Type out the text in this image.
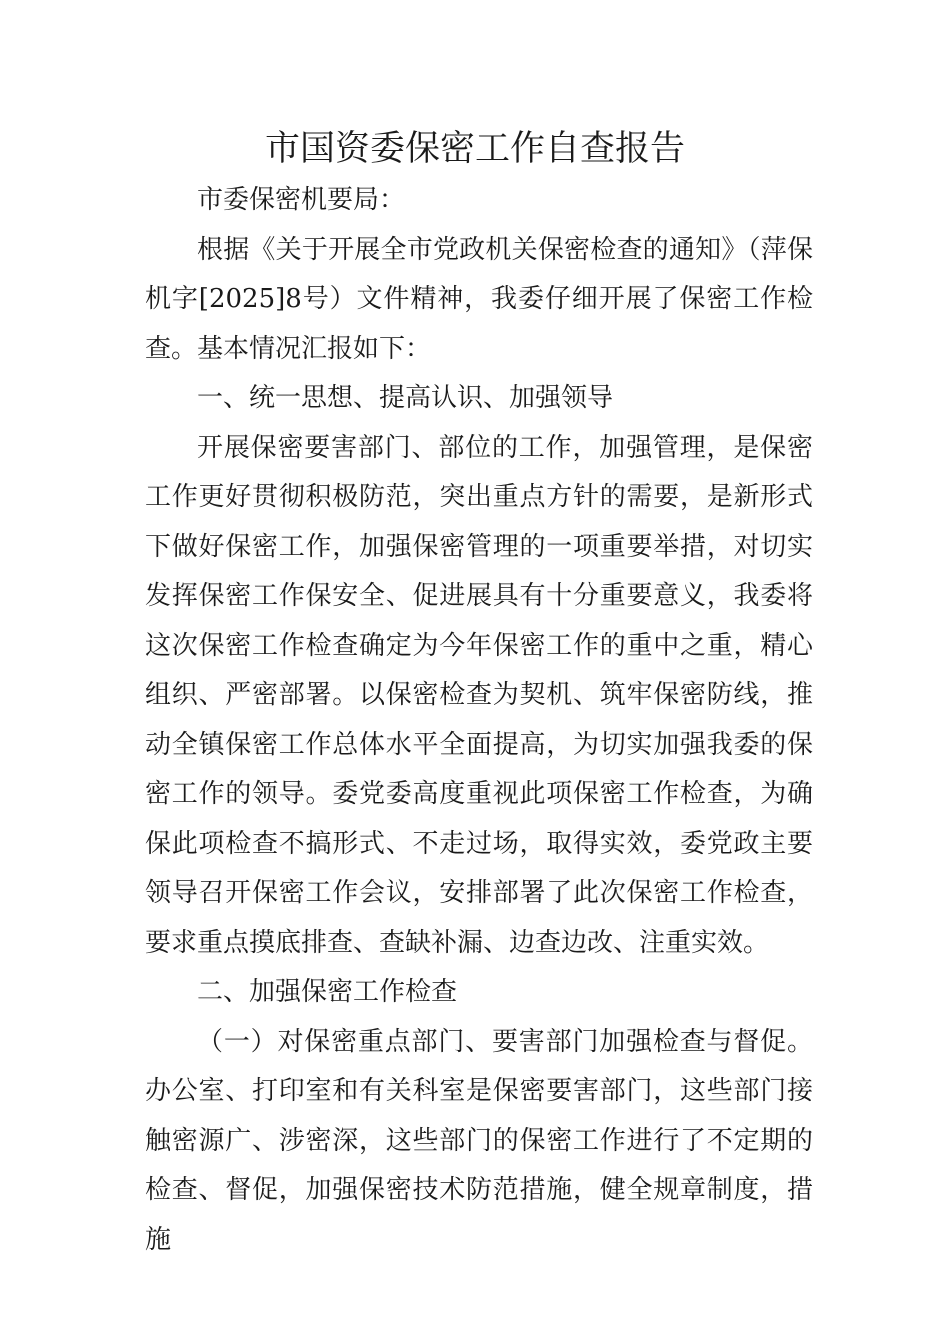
市国资委保密工作自查报告

市委保密机要局：

根据《关于开展全市党政机关保密检查的通知》（萍保机字[2025]8号）文件精神，我委仔细开展了保密工作检查。基本情况汇报如下：

一、统一思想、提高认识、加强领导

开展保密要害部门、部位的工作，加强管理，是保密工作更好贯彻积极防范，突出重点方针的需要，是新形式下做好保密工作，加强保密管理的一项重要举措，对切实发挥保密工作保安全、促进展具有十分重要意义，我委将这次保密工作检查确定为今年保密工作的重中之重，精心组织、严密部署。以保密检查为契机、筑牢保密防线，推动全镇保密工作总体水平全面提高，为切实加强我委的保密工作的领导。委党委高度重视此项保密工作检查，为确保此项检查不搞形式、不走过场，取得实效，委党政主要领导召开保密工作会议，安排部署了此次保密工作检查，要求重点摸底排查、查缺补漏、边查边改、注重实效。

二、加强保密工作检查

（一）对保密重点部门、要害部门加强检查与督促。办公室、打印室和有关科室是保密要害部门，这些部门接触密源广、涉密深，这些部门的保密工作进行了不定期的检查、督促，加强保密技术防范措施，健全规章制度，措施
